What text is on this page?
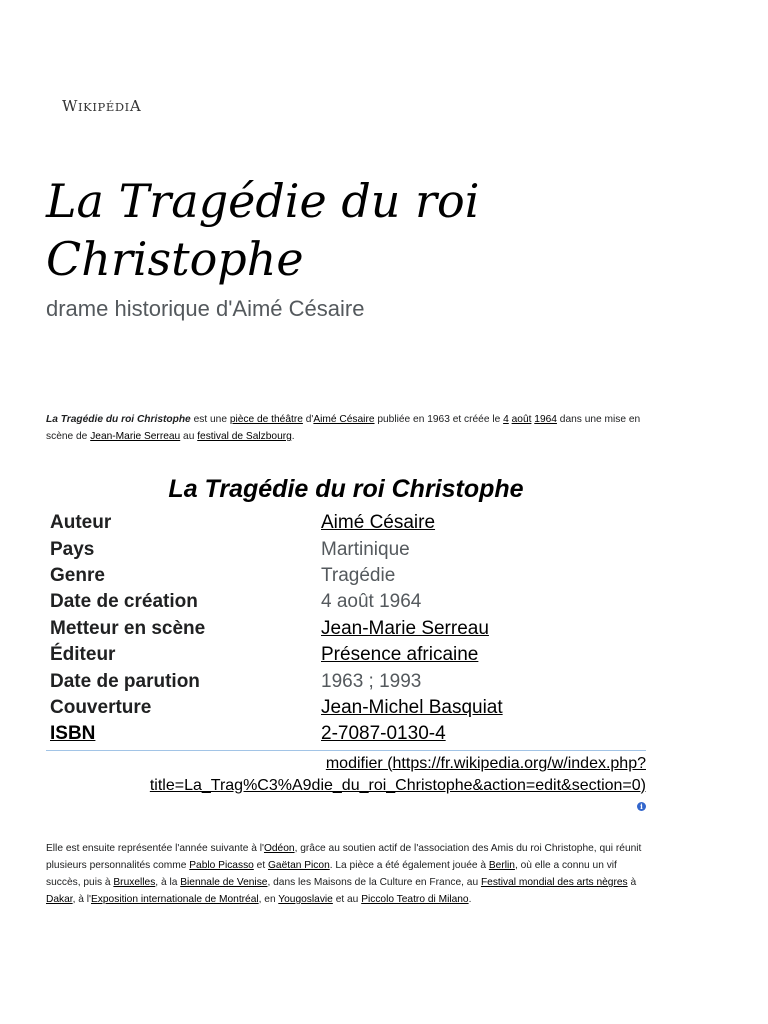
WIKIPÉDIA
La Tragédie du roi Christophe
drame historique d'Aimé Césaire

La Tragédie du roi Christophe est une pièce de théâtre d'Aimé Césaire publiée en 1963 et créée le 4 août 1964 dans une mise en scène de Jean-Marie Serreau au festival de Salzbourg.

La Tragédie du roi Christophe
Auteur	Aimé Césaire
Pays	Martinique
Genre	Tragédie
Date de création	4 août 1964
Metteur en scène	Jean-Marie Serreau
Éditeur	Présence africaine
Date de parution	1963 ; 1993
Couverture	Jean-Michel Basquiat
ISBN	2-7087-0130-4
modifier (https://fr.wikipedia.org/w/index.php?title=La_Trag%C3%A9die_du_roi_Christophe&action=edit&section=0)
i

Elle est ensuite représentée l'année suivante à l'Odéon, grâce au soutien actif de l'association des Amis du roi Christophe, qui réunit plusieurs personnalités comme Pablo Picasso et Gaëtan Picon. La pièce a été également jouée à Berlin, où elle a connu un vif succès, puis à Bruxelles, à la Biennale de Venise, dans les Maisons de la Culture en France, au Festival mondial des arts nègres à Dakar, à l'Exposition internationale de Montréal, en Yougoslavie et au Piccolo Teatro di Milano.
